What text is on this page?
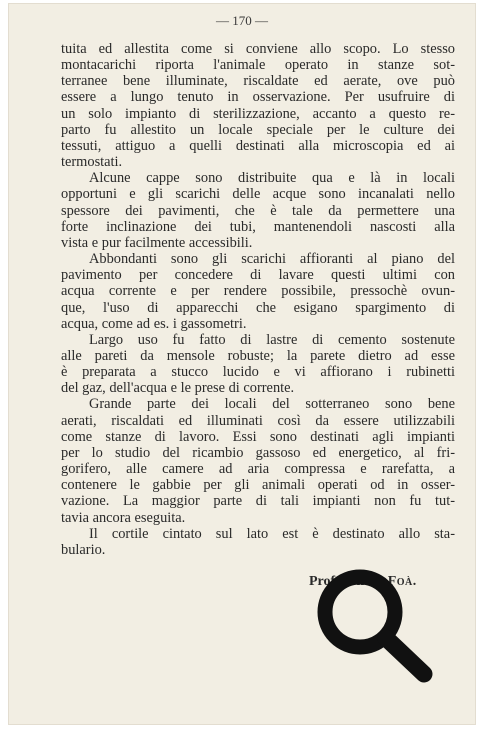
— 170 —
tuita ed allestita come si conviene allo scopo. Lo stesso
montacarichi riporta l'animale operato in stanze sot-
terranee bene illuminate, riscaldate ed aerate, ove può
essere a lungo tenuto in osservazione. Per usufruire di
un solo impianto di sterilizzazione, accanto a questo re-
parto fu allestito un locale speciale per le culture dei
tessuti, attiguo a quelli destinati alla microscopia ed ai
termostati.
Alcune cappe sono distribuite qua e là in locali
opportuni e gli scarichi delle acque sono incanalati nello
spessore dei pavimenti, che è tale da permettere una
forte inclinazione dei tubi, mantenendoli nascosti alla
vista e pur facilmente accessibili.
Abbondanti sono gli scarichi affioranti al piano del
pavimento per concedere di lavare questi ultimi con
acqua corrente e per rendere possibile, pressochè ovun-
que, l'uso di apparecchi che esigano spargimento di
acqua, come ad es. i gassometri.
Largo uso fu fatto di lastre di cemento sostenute
alle pareti da mensole robuste; la parete dietro ad esse
è preparata a stucco lucido e vi affiorano i rubinetti
del gaz, dell'acqua e le prese di corrente.
Grande parte dei locali del sotterraneo sono bene
aerati, riscaldati ed illuminati così da essere utilizzabili
come stanze di lavoro. Essi sono destinati agli impianti
per lo studio del ricambio gassoso ed energetico, al fri-
gorifero, alle camere ad aria compressa e rarefatta, a
contenere le gabbie per gli animali operati od in osser-
vazione. La maggior parte di tali impianti non fu tut-
tavia ancora eseguita.
Il cortile cintato sul lato est è destinato allo sta-
bulario.
Prof. Carlo Foà.
